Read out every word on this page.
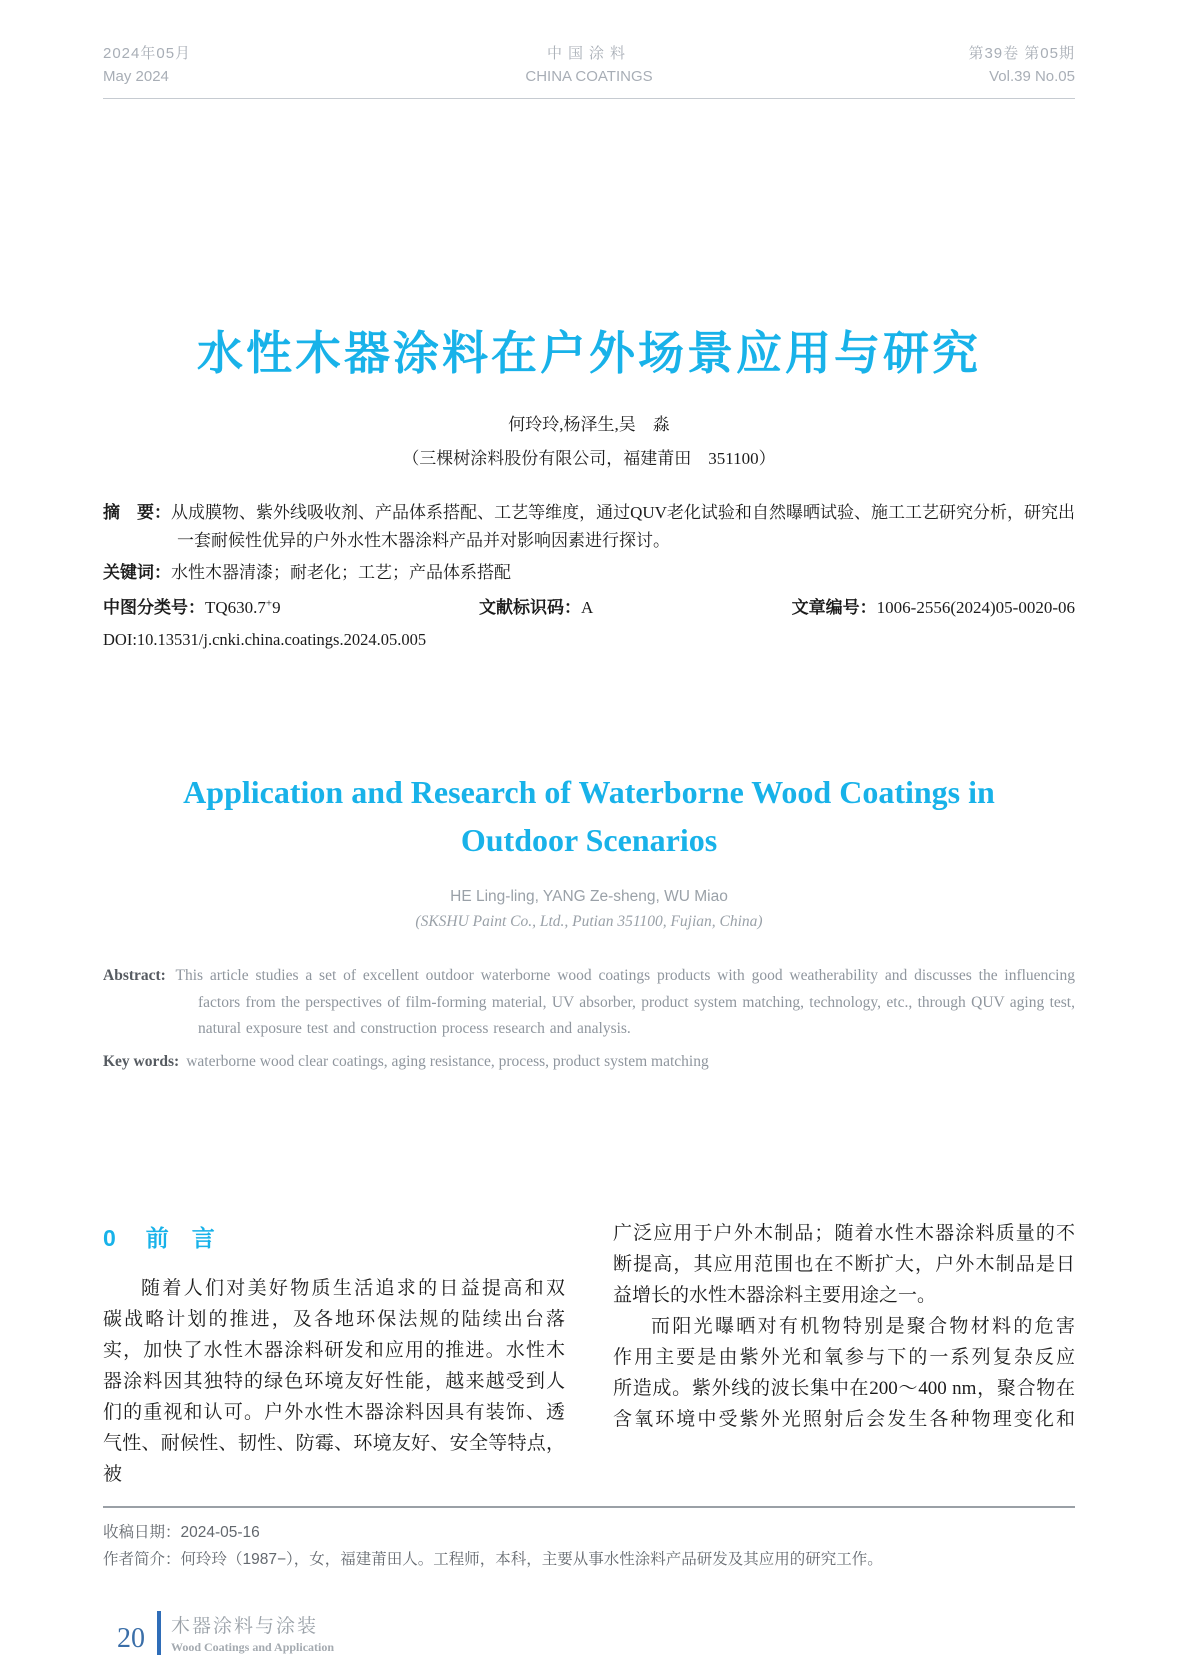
2024年05月
May 2024
中国涂料
CHINA COATINGS
第39卷 第05期
Vol.39 No.05
水性木器涂料在户外场景应用与研究
何玲玲,杨泽生,吴　淼
（三棵树涂料股份有限公司，福建莆田　351100）
摘　要：从成膜物、紫外线吸收剂、产品体系搭配、工艺等维度，通过QUV老化试验和自然曝晒试验、施工工艺研究分析，研究出一套耐候性优异的户外水性木器涂料产品并对影响因素进行探讨。
关键词：水性木器清漆；耐老化；工艺；产品体系搭配
中图分类号：TQ630.7+9	文献标识码：A	文章编号：1006-2556(2024)05-0020-06
DOI:10.13531/j.cnki.china.coatings.2024.05.005
Application and Research of Waterborne Wood Coatings in
Outdoor Scenarios
HE Ling-ling, YANG Ze-sheng, WU Miao
(SKSHU Paint Co., Ltd., Putian 351100, Fujian, China)
Abstract:  This article studies a set of excellent outdoor waterborne wood coatings products with good weatherability and discusses the influencing factors from the perspectives of film-forming material, UV absorber, product system matching, technology, etc., through QUV aging test, natural exposure test and construction process research and analysis.
Key words:  waterborne wood clear coatings, aging resistance, process, product system matching
0 前　言
随着人们对美好物质生活追求的日益提高和双
碳战略计划的推进，及各地环保法规的陆续出台落
实，加快了水性木器涂料研发和应用的推进。水性木
器涂料因其独特的绿色环境友好性能，越来越受到人
们的重视和认可。户外水性木器涂料因具有装饰、透
气性、耐候性、韧性、防霉、环境友好、安全等特点，被
广泛应用于户外木制品；随着水性木器涂料质量的不
断提高，其应用范围也在不断扩大，户外木制品是日
益增长的水性木器涂料主要用途之一。
而阳光曝晒对有机物特别是聚合物材料的危害
作用主要是由紫外光和氧参与下的一系列复杂反应
所造成。紫外线的波长集中在200～400 nm，聚合物在
含氧环境中受紫外光照射后会发生各种物理变化和
收稿日期：2024-05-16
作者简介：何玲玲（1987−），女，福建莆田人。工程师，本科，主要从事水性涂料产品研发及其应用的研究工作。
20 木器涂料与涂装
Wood Coatings and Application
